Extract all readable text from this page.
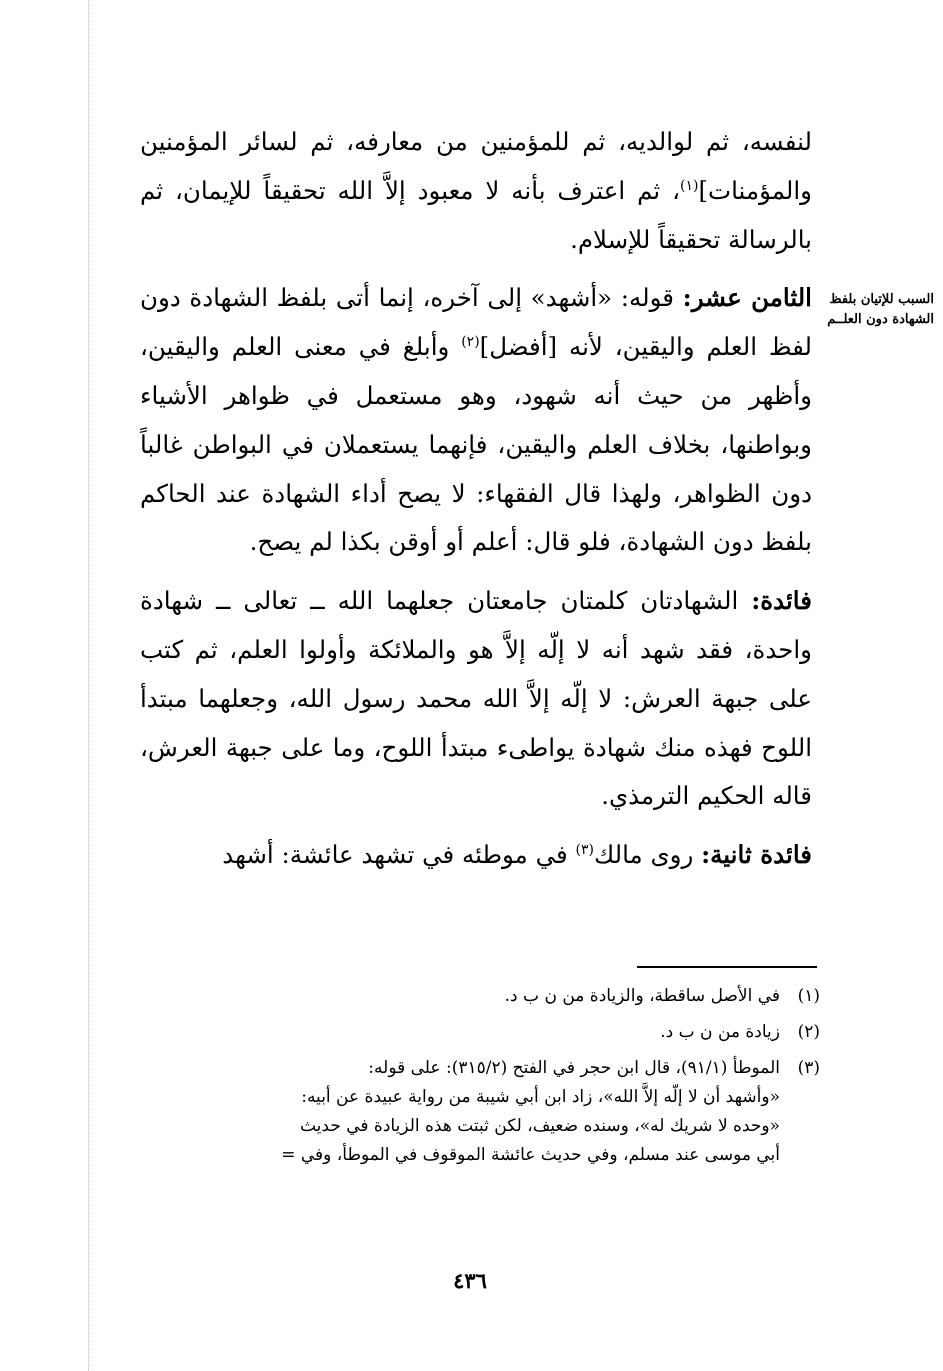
لنفسه، ثم لوالديه، ثم للمؤمنين من معارفه، ثم لسائر المؤمنين والمؤمنات]$^{(١)}$، ثم اعترف بأنه لا معبود إلاَّ الله تحقيقاً للإيمان، ثم بالرسالة تحقيقاً للإسلام.

الثامن عشر: قوله: «أشهد» إلى آخره، إنما أتى بلفظ الشهادة دون لفظ العلم واليقين، لأنه [أفضل]$^{(٢)}$ وأبلغ في معنى العلم واليقين، وأظهر من حيث أنه شهود، وهو مستعمل في ظواهر الأشياء وبواطنها، بخلاف العلم واليقين، فإنهما يستعملان في البواطن غالباً دون الظواهر، ولهذا قال الفقهاء: لا يصح أداء الشهادة عند الحاكم بلفظ دون الشهادة، فلو قال: أعلم أو أوقن بكذا لم يصح.

فائدة: الشهادتان كلمتان جامعتان جعلهما الله ــ تعالى ــ شهادة واحدة، فقد شهد أنه لا إلّه إلاَّ هو والملائكة وأولوا العلم، ثم كتب على جبهة العرش: لا إلّه إلاَّ الله محمد رسول الله، وجعلهما مبتدأ اللوح فهذه منك شهادة يواطىء مبتدأ اللوح، وما على جبهة العرش، قاله الحكيم الترمذي.

فائدة ثانية: روى مالك$^{(٣)}$ في موطئه في تشهد عائشة: أشهد

السبب للإتيان بلفظ الشهادة دون العلــم
(١)
في الأصل ساقطة، والزيادة من ن ب د.
(٢)
زيادة من ن ب د.
(٣)
الموطأ (٩١/١)، قال ابن حجر في الفتح (٣١٥/٢): على قوله:
«وأشهد أن لا إلّه إلاَّ الله»، زاد ابن أبي شيبة من رواية عبيدة عن أبيه:
«وحده لا شريك له»، وسنده ضعيف، لكن ثبتت هذه الزيادة في حديث
أبي موسى عند مسلم، وفي حديث عائشة الموقوف في الموطأ، وفي =
٤٣٦
